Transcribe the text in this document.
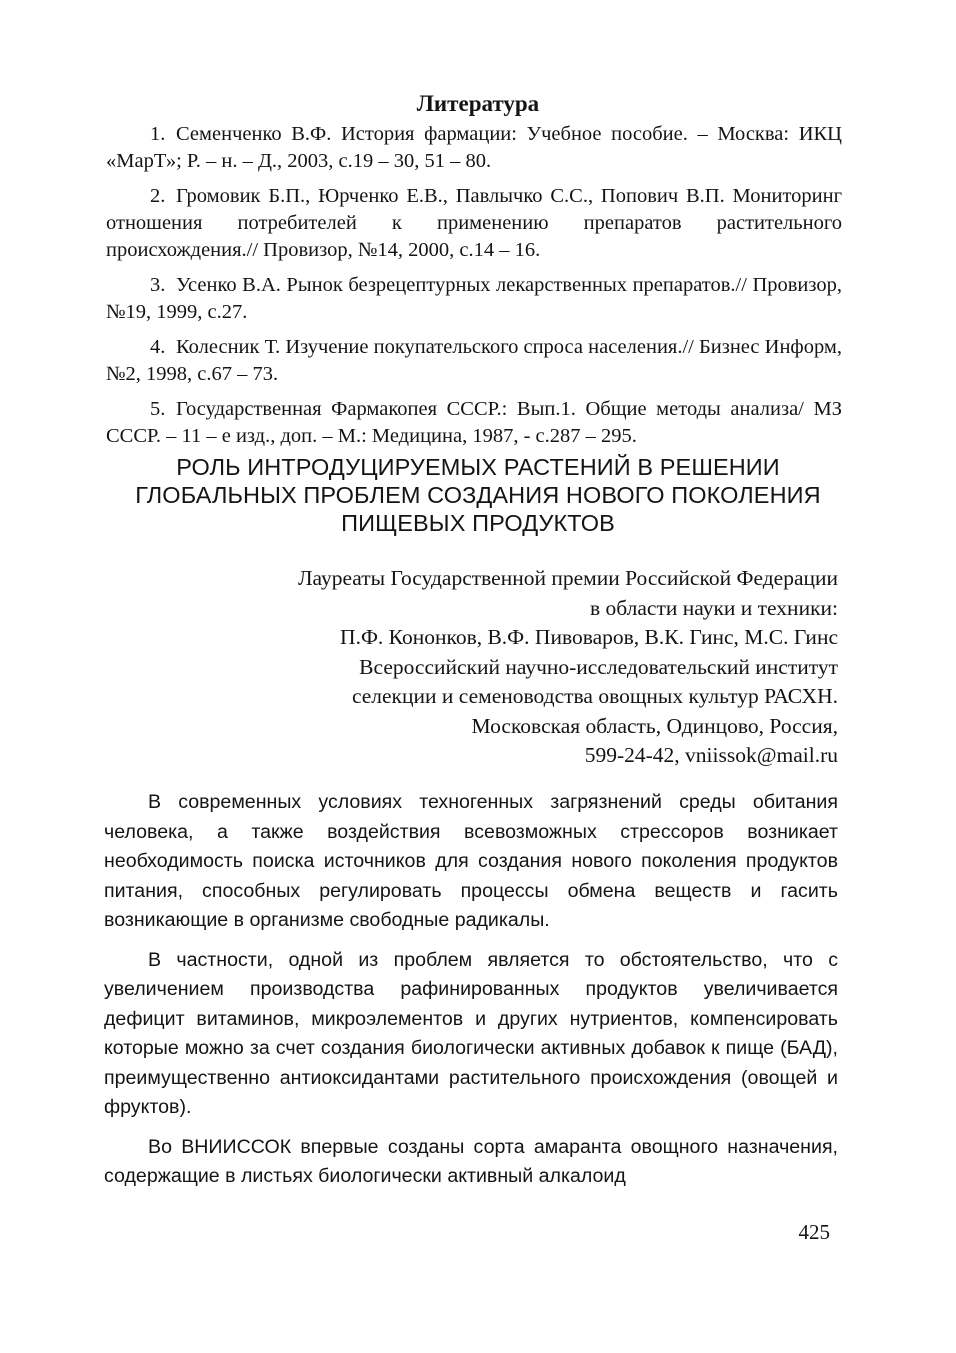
Литература

1. Семенченко В.Ф. История фармации: Учебное пособие. – Москва: ИКЦ «МарТ»; Р. – н. – Д., 2003, с.19 – 30, 51 – 80.

2. Громовик Б.П., Юрченко Е.В., Павлычко С.С., Попович В.П. Мониторинг отношения потребителей к применению препаратов растительного происхождения.// Провизор, №14, 2000, с.14 – 16.

3. Усенко В.А. Рынок безрецептурных лекарственных препаратов.// Провизор, №19, 1999, с.27.

4. Колесник Т. Изучение покупательского спроса населения.// Бизнес Информ, №2, 1998, с.67 – 73.

5. Государственная Фармакопея СССР.: Вып.1. Общие методы анализа/ МЗ СССР. – 11 – е изд., доп. – М.: Медицина, 1987, - с.287 – 295.

РОЛЬ ИНТРОДУЦИРУЕМЫХ РАСТЕНИЙ В РЕШЕНИИ
ГЛОБАЛЬНЫХ ПРОБЛЕМ СОЗДАНИЯ НОВОГО ПОКОЛЕНИЯ
ПИЩЕВЫХ ПРОДУКТОВ
Лауреаты Государственной премии Российской Федерации
в области науки и техники:
П.Ф. Кононков, В.Ф. Пивоваров, В.К. Гинс, М.С. Гинс
Всероссийский научно-исследовательский институт
селекции и семеноводства овощных культур РАСХН.
Московская область, Одинцово, Россия,
599-24-42, vniissok@mail.ru

В современных условиях техногенных загрязнений среды обитания человека, а также воздействия всевозможных стрессоров возникает необходимость поиска источников для создания нового поколения продуктов питания, способных регулировать процессы обмена веществ и гасить возникающие в организме свободные радикалы.

В частности, одной из проблем является то обстоятельство, что с увеличением производства рафинированных продуктов увеличивается дефицит витаминов, микроэлементов и других нутриентов, компенсировать которые можно за счет создания биологически активных добавок к пище (БАД), преимущественно антиоксидантами растительного происхождения (овощей и фруктов).

Во ВНИИССОК впервые созданы сорта амаранта овощного назначения, содержащие в листьях биологически активный алкалоид

425
